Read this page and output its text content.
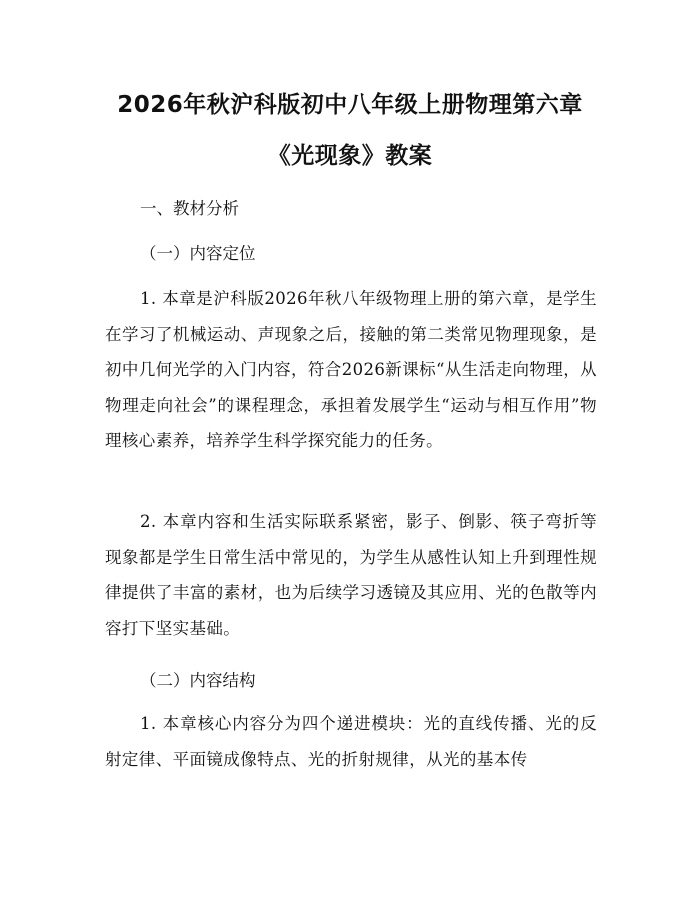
2026年秋沪科版初中八年级上册物理第六章
《光现象》教案
一、教材分析
（一）内容定位
1. 本章是沪科版2026年秋八年级物理上册的第六章，是学生在学习了机械运动、声现象之后，接触的第二类常见物理现象，是初中几何光学的入门内容，符合2026新课标“从生活走向物理，从物理走向社会”的课程理念，承担着发展学生“运动与相互作用”物理核心素养，培养学生科学探究能力的任务。
2. 本章内容和生活实际联系紧密，影子、倒影、筷子弯折等现象都是学生日常生活中常见的，为学生从感性认知上升到理性规律提供了丰富的素材，也为后续学习透镜及其应用、光的色散等内容打下坚实基础。
（二）内容结构
1. 本章核心内容分为四个递进模块：光的直线传播、光的反射定律、平面镜成像特点、光的折射规律，从光的基本传
